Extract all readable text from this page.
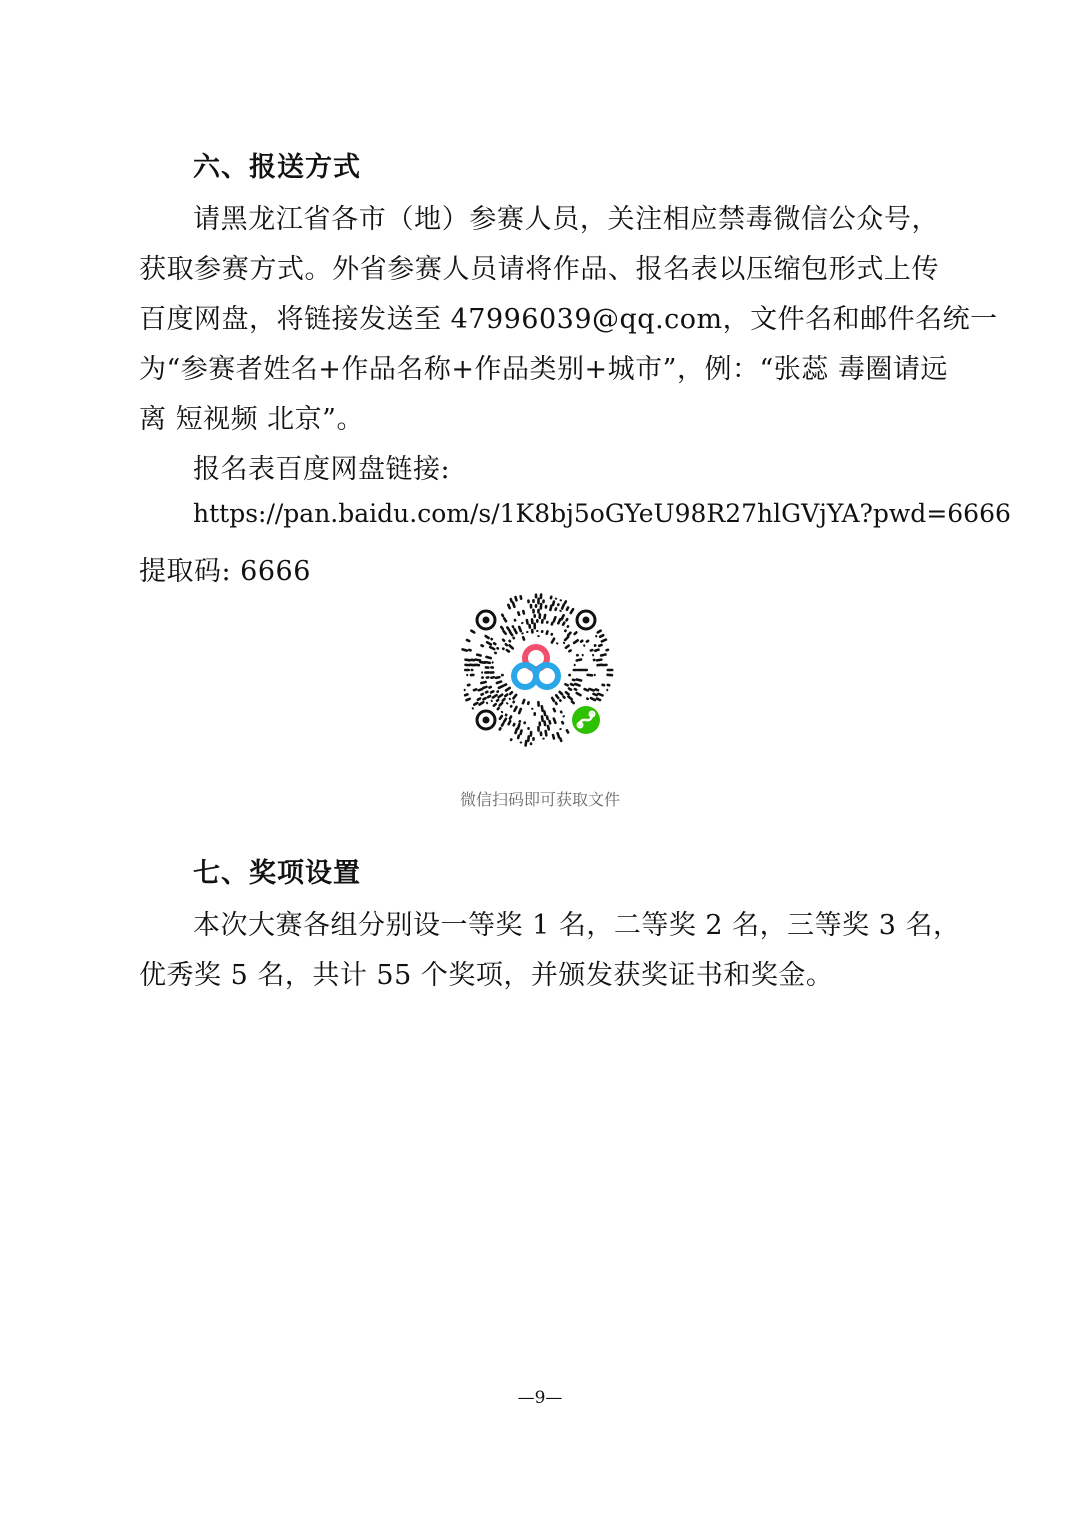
六、报送方式
请黑龙江省各市（地）参赛人员，关注相应禁毒微信公众号，
获取参赛方式。外省参赛人员请将作品、报名表以压缩包形式上传
百度网盘，将链接发送至 47996039@qq.com，文件名和邮件名统一
为“参赛者姓名+作品名称+作品类别+城市”，例：“张蕊 毒圈请远
离 短视频 北京”。
报名表百度网盘链接:
https://pan.baidu.com/s/1K8bj5oGYeU98R27hlGVjYA?pwd=6666
提取码: 6666
微信扫码即可获取文件
七、奖项设置
本次大赛各组分别设一等奖 1 名，二等奖 2 名，三等奖 3 名，
优秀奖 5 名，共计 55 个奖项，并颁发获奖证书和奖金。
—9—
